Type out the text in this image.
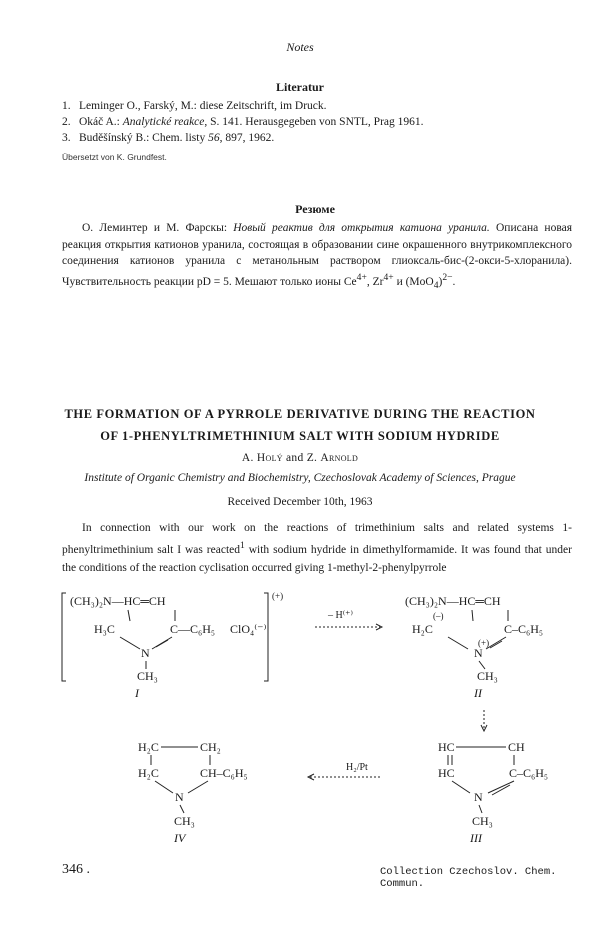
Notes
Literatur
1. Leminger O., Farský, M.: diese Zeitschrift, im Druck.
2. Okáč A.: Analytické reakce, S. 141. Herausgegeben von SNTL, Prag 1961.
3. Buděšínský B.: Chem. listy 56, 897, 1962.
Übersetzt von K. Grundfest.
Резюме
О. Леминтер и М. Фарскы: Новый реактив для открытия катиона уранила. Описана новая реакция открытия катионов уранила, состоящая в образовании сине окрашенного внутрикомплексного соединения катионов уранила с метанольным раствором глиоксаль-бис-(2-окси-5-хлоранила). Чувствительность реакции pD = 5. Мешают только ионы $Ce^{4+}$, $Zr^{4+}$ и $(MoO_4)^{2-}$.
THE FORMATION OF A PYRROLE DERIVATIVE DURING THE REACTION
OF 1-PHENYLTRIMETHINIUM SALT WITH SODIUM HYDRIDE
A. Holý and Z. Arnold
Institute of Organic Chemistry and Biochemistry, Czechoslovak Academy of Sciences, Prague
Received December 10th, 1963
In connection with our work on the reactions of trimethinium salts and related systems 1-phenyltrimethinium salt I was reacted$^1$ with sodium hydride in dimethylformamide. It was found that under the conditions of the reaction cyclisation occurred giving 1-methyl-2-phenylpyrrole
(CH₃)₂N—HC═CH	(+)
H₃C	C—C₆H₅
N
CH₃
I
ClO₄⁽⁻⁾
– H⁽⁺⁾
(CH₃)₂N—HC═CH
(–)
H₂C	C–C₆H₅
(+)
N
CH₃
II
HC	CH
HC	C–C₆H₅
N
CH₃
III
H₂/Pt
H₂C	CH₂
H₂C	CH–C₆H₅
N
CH₃
IV
346 .	Collection Czechoslov. Chem. Commun.
